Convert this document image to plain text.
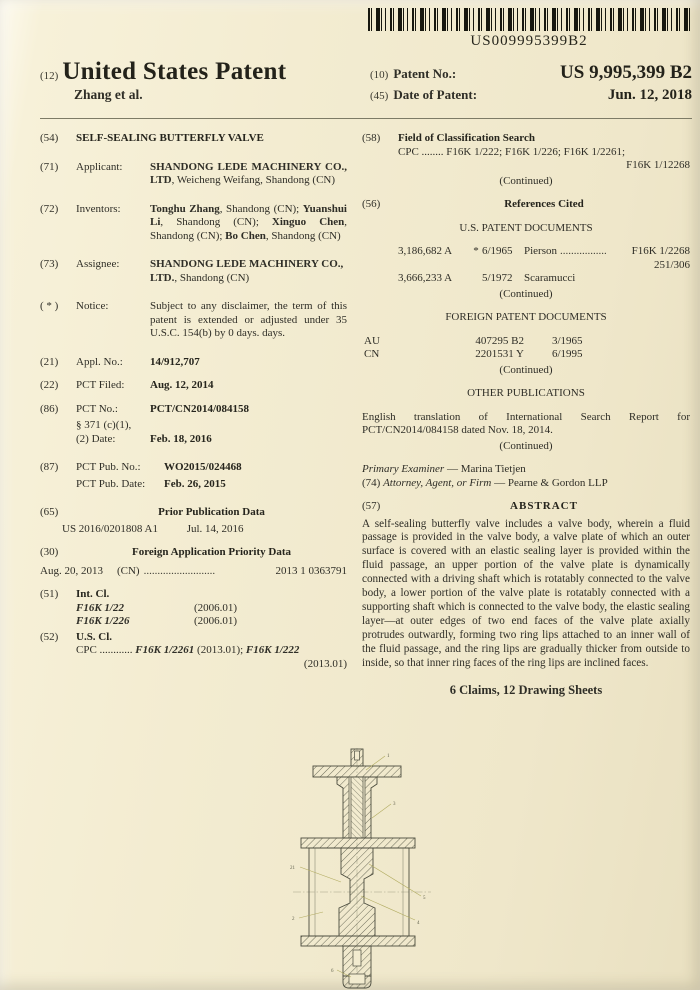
US009995399B2
(12) United States Patent
Zhang et al.
(10) Patent No.:	US 9,995,399 B2
(45) Date of Patent:	Jun. 12, 2018
(54)	SELF-SEALING BUTTERFLY VALVE
(71)	Applicant:	SHANDONG LEDE MACHINERY CO., LTD, Weicheng Weifang, Shandong (CN)
(72)	Inventors:	Tonghu Zhang, Shandong (CN); Yuanshui Li, Shandong (CN); Xinguo Chen, Shandong (CN); Bo Chen, Shandong (CN)
(73)	Assignee:	SHANDONG LEDE MACHINERY CO., LTD., Shandong (CN)
( * )	Notice:	Subject to any disclaimer, the term of this patent is extended or adjusted under 35 U.S.C. 154(b) by 0 days. days.
(21)	Appl. No.:	14/912,707
(22)	PCT Filed:	Aug. 12, 2014
(86)	PCT No.:	PCT/CN2014/084158
§ 371 (c)(1),
(2) Date:	Feb. 18, 2016
(87)	PCT Pub. No.:	WO2015/024468
PCT Pub. Date:	Feb. 26, 2015
(65)	Prior Publication Data
US 2016/0201808 A1	Jul. 14, 2016
(30)	Foreign Application Priority Data
Aug. 20, 2013 (CN) ..........................	2013 1 0363791
(51)	Int. Cl.
F16K 1/22	(2006.01)
F16K 1/226	(2006.01)
(52)	U.S. Cl.
CPC ............ F16K 1/2261 (2013.01); F16K 1/222
(2013.01)
(58)	Field of Classification Search
CPC ........ F16K 1/222; F16K 1/226; F16K 1/2261;
F16K 1/12268
(Continued)
(56)	References Cited
U.S. PATENT DOCUMENTS
3,186,682 A	* 6/1965	Pierson .................	F16K 1/2268
251/306
3,666,233 A	5/1972	Scaramucci
(Continued)
FOREIGN PATENT DOCUMENTS
AU	407295 B2	3/1965
CN	2201531 Y	6/1995
(Continued)
OTHER PUBLICATIONS
English translation of International Search Report for PCT/CN2014/084158 dated Nov. 18, 2014.
(Continued)
Primary Examiner — Marina Tietjen
(74) Attorney, Agent, or Firm — Pearne & Gordon LLP
(57)	ABSTRACT
A self-sealing butterfly valve includes a valve body, wherein a fluid passage is provided in the valve body, a valve plate of which an outer surface is covered with an elastic sealing layer is provided within the fluid passage, an upper portion of the valve plate is dynamically connected with a driving shaft which is rotatably connected to the valve body, a lower portion of the valve plate is rotatably connected with a supporting shaft which is connected to the valve body, the elastic sealing layer—at outer edges of two end faces of the valve plate axially protrudes outwardly, forming two ring lips attached to an inner wall of the fluid passage, and the ring lips are gradually thicker from outside to inside, so that inner ring faces of the ring lips are inclined faces.
6 Claims, 12 Drawing Sheets
1
3
5
4
21
2
6
